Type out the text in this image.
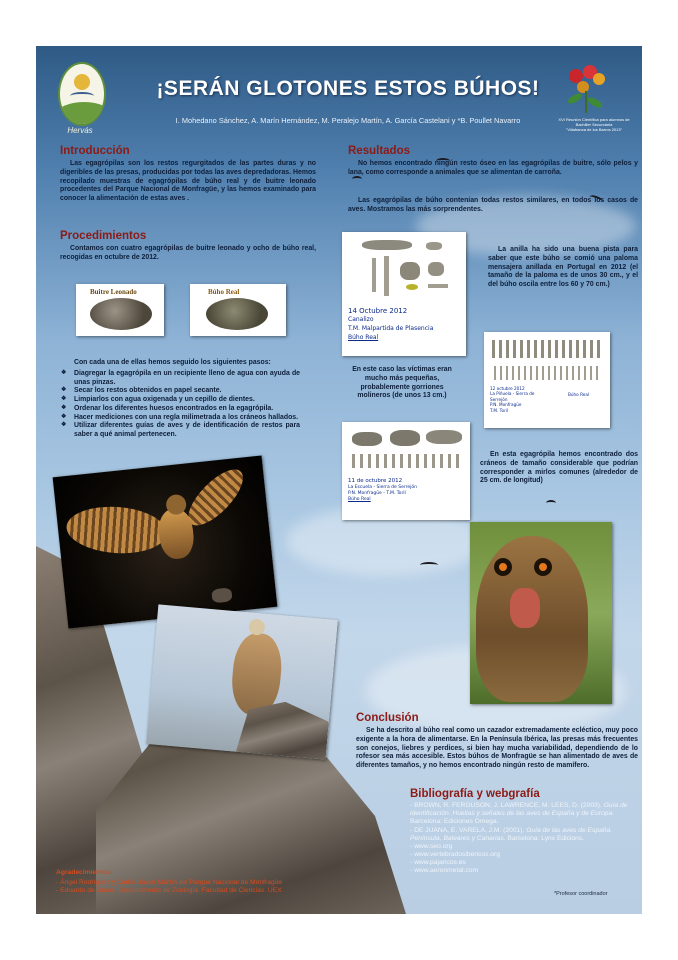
Hervás
¡SERÁN GLOTONES ESTOS BÚHOS!
I. Mohedano Sánchez, A. Marín Hernández, M. Peralejo Martín, A. García Castelani y *B. Poullet Navarro	XVI Reunión Científica para alumnos de
Bachiller Secundaria
"Villafranca de los Barros 2013"
Introducción

Las egagrópilas son los restos regurgitados de las partes duras y no digeribles de las presas, producidas por todas las aves depredadoras. Hemos recopilado muestras de egagrópilas de búho real y de buitre leonado procedentes del Parque Nacional de Monfragüe, y las hemos examinado para conocer la alimentación de estas aves .

Procedimientos

Contamos con cuatro egagrópilas de buitre leonado y ocho de búho real, recogidas en octubre de 2012.

Buitre Leonado	Búho Real

Con cada una de ellas hemos seguido los siguientes pasos:

❖ Diagregar la egagrópila en un recipiente lleno de agua con ayuda de unas pinzas.
❖ Secar los restos obtenidos en papel secante.
❖ Limpiarlos con agua oxigenada y un cepillo de dientes.
❖ Ordenar los diferentes huesos encontrados en la egagrópila.
❖ Hacer mediciones con una regla milimetrada a los cráneos hallados.
❖ Utilizar diferentes guías de aves y de identificación de restos para saber a qué animal pertenecen.
Resultados

No hemos encontrado ningún resto óseo en las egagrópilas de buitre, sólo pelos y lana, como corresponde a animales que se alimentan de carroña.

Las egagrópilas de búho contenían todas restos similares, en todos los casos de aves. Mostramos las más sorprendentes.

14 Octubre 2012
Canalizo
T.M. Malpartida de Plasencia
Búho Real

La anilla ha sido una buena pista para saber que este búho se comió una paloma mensajera anillada en Portugal en 2012 (el tamaño de la paloma es de unos 30 cm., y el del búho oscila entre los 60 y 70 cm.)

12 octubre 2012
La Piñuela - Sierra de Serrejón
P.N. Monfragüe
T.M. Toril
Búho Real

En este caso las víctimas eran mucho más pequeñas, probablemente gorriones molineros (de unos 13 cm.)

11 de octubre 2012
La Escuela - Sierra de Serrejón
P.N. Monfragüe - T.M. Toril
Búho Real

En esta egagrópila hemos encontrado dos cráneos de tamaño considerable que podrían corresponder a mirlos comunes (alrededor de 25 cm. de longitud)

Conclusión

Se ha descrito al búho real como un cazador extremadamente ecléctico, muy poco exigente a la hora de alimentarse. En la Península Ibérica, las presas más frecuentes son conejos, liebres y perdices, si bien hay mucha variabilidad, dependiendo de lo rofesor sea más accesible. Estos búhos de Monfragüe se han alimentado de aves de diferentes tamaños, y no hemos encontrado ningún resto de mamífero.

Bibliografía y webgrafía

- BROWN, R. FERGUSON, J. LAWRENCE, M. LEES, D. (2003). Guía de identificación. Huellas y señales de las aves de España y de Europa. Barcelona: Ediciones Omega.

- DE JUANA, E. VARELA, J.M. (2001). Guía de las aves de España. Península, Baleares y Canarias. Barcelona: Lynx Edicions.

- www.seo.org

- www.vertebradosibericos.org

- www.pajaricos.es

- www.aeronmetal.com

*Profesor coordinador
Agradecimientos:

- Ángel Rodríguez y Carlos Javier Martín del Parque Nacional de Monfragüe

- Eduardo de Juana, Departamento de Zoología. Facultad de Ciencias. UEX
